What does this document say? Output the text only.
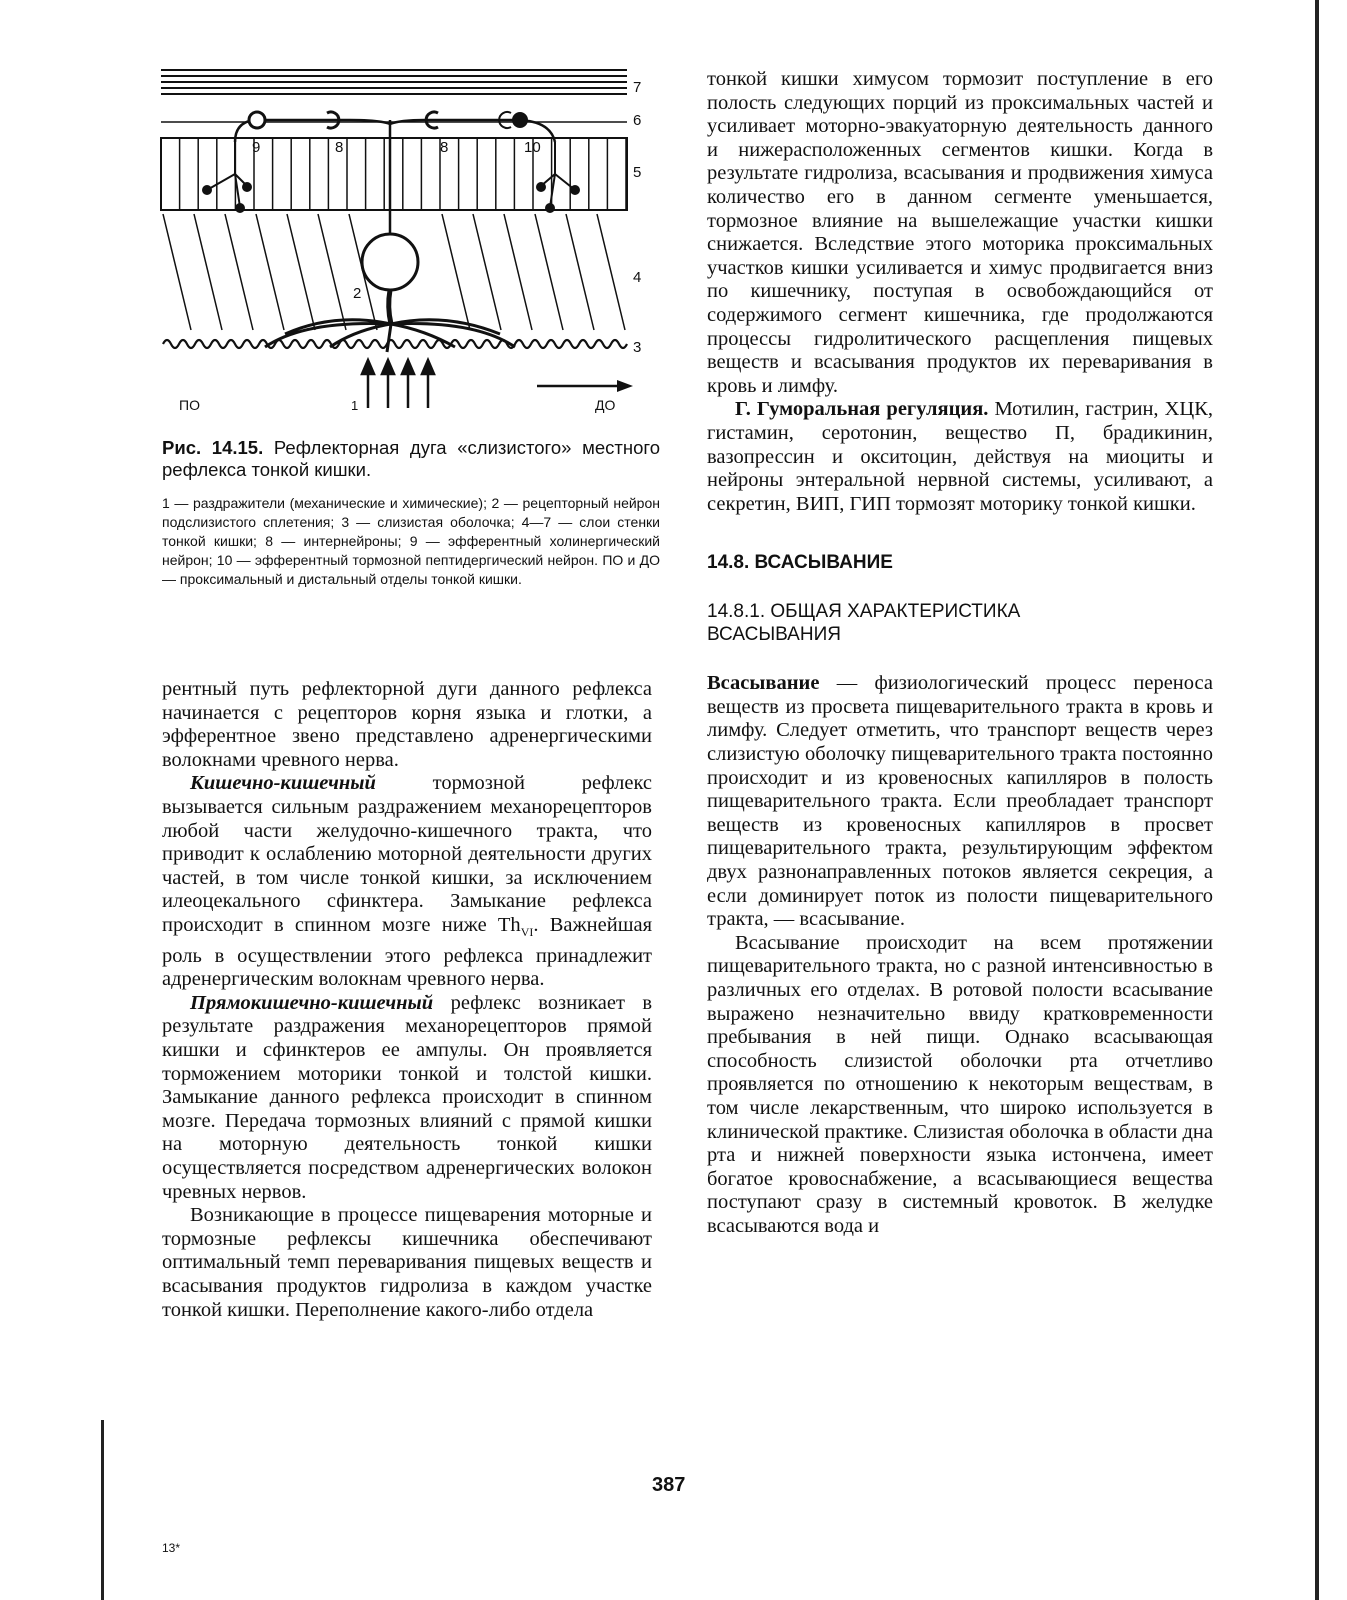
7
6
5
4
3
9	8	8	10
2
1
ПО	ДО
Рис. 14.15. Рефлекторная дуга «слизистого» местного рефлекса тонкой кишки.
1 — раздражители (механические и химические); 2 — рецепторный нейрон подслизистого сплетения; 3 — слизистая оболочка; 4—7 — слои стенки тонкой кишки; 8 — интернейроны; 9 — эфферентный холинергический нейрон; 10 — эфферентный тормозной пептидергический нейрон. ПО и ДО — проксимальный и дистальный отделы тонкой кишки.

рентный путь рефлекторной дуги данного рефлекса начинается с рецепторов корня языка и глотки, а эфферентное звено представлено адренергическими волокнами чревного нерва.

Кишечно-кишечный тормозной рефлекс вызывается сильным раздражением механорецепторов любой части желудочно-кишечного тракта, что приводит к ослаблению моторной деятельности других частей, в том числе тонкой кишки, за исключением илеоцекального сфинктера. Замыкание рефлекса происходит в спинном мозге ниже $Th_{VI}$. Важнейшая роль в осуществлении этого рефлекса принадлежит адренергическим волокнам чревного нерва.

Прямокишечно-кишечный рефлекс возникает в результате раздражения механорецепторов прямой кишки и сфинктеров ее ампулы. Он проявляется торможением моторики тонкой и толстой кишки. Замыкание данного рефлекса происходит в спинном мозге. Передача тормозных влияний с прямой кишки на моторную деятельность тонкой кишки осуществляется посредством адренергических волокон чревных нервов.

Возникающие в процессе пищеварения моторные и тормозные рефлексы кишечника обеспечивают оптимальный темп переваривания пищевых веществ и всасывания продуктов гидролиза в каждом участке тонкой кишки. Переполнение какого-либо отдела

тонкой кишки химусом тормозит поступление в его полость следующих порций из проксимальных частей и усиливает моторно-эвакуаторную деятельность данного и нижерасположенных сегментов кишки. Когда в результате гидролиза, всасывания и продвижения химуса количество его в данном сегменте уменьшается, тормозное влияние на вышележащие участки кишки снижается. Вследствие этого моторика проксимальных участков кишки усиливается и химус продвигается вниз по кишечнику, поступая в освобождающийся от содержимого сегмент кишечника, где продолжаются процессы гидролитического расщепления пищевых веществ и всасывания продуктов их переваривания в кровь и лимфу.

Г. Гуморальная регуляция. Мотилин, гастрин, ХЦК, гистамин, серотонин, вещество П, брадикинин, вазопрессин и окситоцин, действуя на миоциты и нейроны энтеральной нервной системы, усиливают, а секретин, ВИП, ГИП тормозят моторику тонкой кишки.

14.8. ВСАСЫВАНИЕ

14.8.1. ОБЩАЯ ХАРАКТЕРИСТИКА

ВСАСЫВАНИЯ

Всасывание — физиологический процесс переноса веществ из просвета пищеварительного тракта в кровь и лимфу. Следует отметить, что транспорт веществ через слизистую оболочку пищеварительного тракта постоянно происходит и из кровеносных капилляров в полость пищеварительного тракта. Если преобладает транспорт веществ из кровеносных капилляров в просвет пищеварительного тракта, результирующим эффектом двух разнонаправленных потоков является секреция, а если доминирует поток из полости пищеварительного тракта, — всасывание.

Всасывание происходит на всем протяжении пищеварительного тракта, но с разной интенсивностью в различных его отделах. В ротовой полости всасывание выражено незначительно ввиду кратковременности пребывания в ней пищи. Однако всасывающая способность слизистой оболочки рта отчетливо проявляется по отношению к некоторым веществам, в том числе лекарственным, что широко используется в клинической практике. Слизистая оболочка в области дна рта и нижней поверхности языка истончена, имеет богатое кровоснабжение, а всасывающиеся вещества поступают сразу в системный кровоток. В желудке всасываются вода и

387
13*
